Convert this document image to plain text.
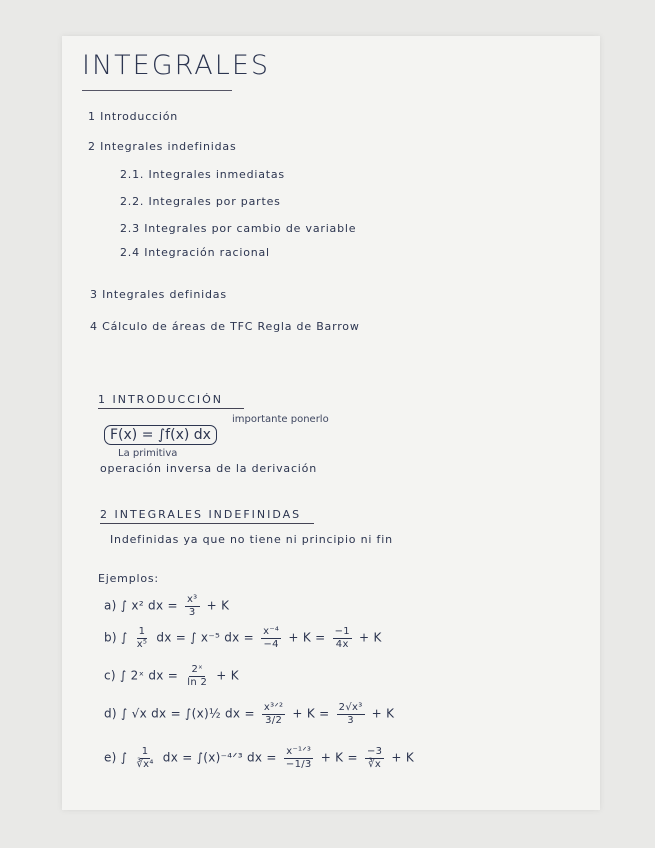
INTEGRALES
1 Introducción
2 Integrales indefinidas
2.1. Integrales inmediatas
2.2. Integrales por partes
2.3 Integrales por cambio de variable
2.4 Integración racional
3 Integrales definidas
4 Cálculo de áreas de TFC Regla de Barrow
1 INTRODUCCIÓN
F(x) = ∫f(x) dx
importante ponerlo
La primitiva
operación inversa de la derivación
2 INTEGRALES INDEFINIDAS
Indefinidas ya que no tiene ni principio ni fin
Ejemplos:
a) ∫ x² dx = $\frac{\text{x³}}{3} + K$
b) ∫ $\frac{1}{\text{x⁵}}$ dx = ∫ x⁻⁵ dx = $\frac{\text{x⁻⁴}}{-4} + K = \frac{-1}{4x} + K$
c) ∫ 2ˣ dx = $\frac{\text{2ˣ}}{\ln 2} + K$
d) ∫ √x dx = ∫(x)½ dx = $\frac{\text{x³ᐟ²}}{3/2} + K = \frac{\text{2√x³}}{3} + K$
e) ∫ $\frac{1}{\text{∛x⁴}}$ dx = ∫(x)⁻⁴ᐟ³ dx = $\frac{\text{x⁻¹ᐟ³}}{-1/3} + K = \frac{-3}{∛x} + K$
